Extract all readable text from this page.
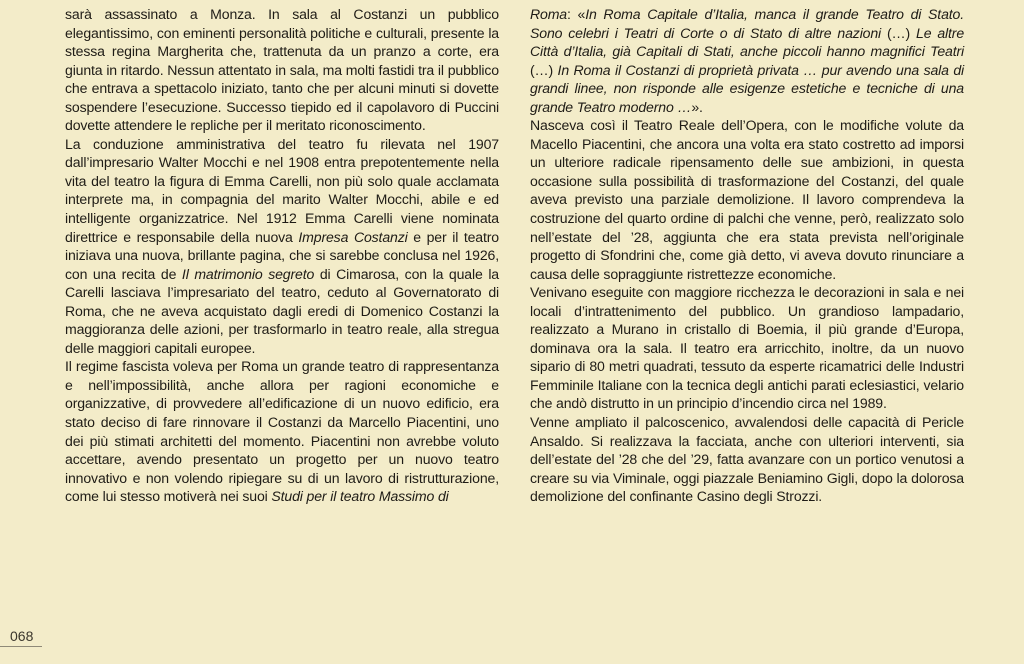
sarà assassinato a Monza. In sala al Costanzi un pubblico elegantissimo, con eminenti personalità politiche e culturali, presente la stessa regina Margherita che, trattenuta da un pranzo a corte, era giunta in ritardo. Nessun attentato in sala, ma molti fastidi tra il pubblico che entrava a spettacolo iniziato, tanto che per alcuni minuti si dovette sospendere l’esecuzione. Successo tiepido ed il capolavoro di Puccini dovette attendere le repliche per il meritato riconoscimento.

La conduzione amministrativa del teatro fu rilevata nel 1907 dall’impresario Walter Mocchi e nel 1908 entra prepotentemente nella vita del teatro la figura di Emma Carelli, non più solo quale acclamata interprete ma, in compagnia del marito Walter Mocchi, abile e ed intelligente organizzatrice. Nel 1912 Emma Carelli viene nominata direttrice e responsabile della nuova Impresa Costanzi e per il teatro iniziava una nuova, brillante pagina, che si sarebbe conclusa nel 1926, con una recita de Il matrimonio segreto di Cimarosa, con la quale la Carelli lasciava l’impresariato del teatro, ceduto al Governatorato di Roma, che ne aveva acquistato dagli eredi di Domenico Costanzi la maggioranza delle azioni, per trasformarlo in teatro reale, alla stregua delle maggiori capitali europee.

Il regime fascista voleva per Roma un grande teatro di rappresentanza e nell’impossibilità, anche allora per ragioni economiche e organizzative, di provvedere all’edificazione di un nuovo edificio, era stato deciso di fare rinnovare il Costanzi da Marcello Piacentini, uno dei più stimati architetti del momento. Piacentini non avrebbe voluto accettare, avendo presentato un progetto per un nuovo teatro innovativo e non volendo ripiegare su di un lavoro di ristrutturazione, come lui stesso motiverà nei suoi Studi per il teatro Massimo di

Roma: «In Roma Capitale d’Italia, manca il grande Teatro di Stato. Sono celebri i Teatri di Corte o di Stato di altre nazioni (…) Le altre Città d’Italia, già Capitali di Stati, anche piccoli hanno magnifici Teatri (…) In Roma il Costanzi di proprietà privata … pur avendo una sala di grandi linee, non risponde alle esigenze estetiche e tecniche di una grande Teatro moderno …».

Nasceva così il Teatro Reale dell’Opera, con le modifiche volute da Macello Piacentini, che ancora una volta era stato costretto ad imporsi un ulteriore radicale ripensamento delle sue ambizioni, in questa occasione sulla possibilità di trasformazione del Costanzi, del quale aveva previsto una parziale demolizione. Il lavoro comprendeva la costruzione del quarto ordine di palchi che venne, però, realizzato solo nell’estate del ’28, aggiunta che era stata prevista nell’originale progetto di Sfondrini che, come già detto, vi aveva dovuto rinunciare a causa delle sopraggiunte ristrettezze economiche.

Venivano eseguite con maggiore ricchezza le decorazioni in sala e nei locali d’intrattenimento del pubblico. Un grandioso lampadario, realizzato a Murano in cristallo di Boemia, il più grande d’Europa, dominava ora la sala. Il teatro era arricchito, inoltre, da un nuovo sipario di 80 metri quadrati, tessuto da esperte ricamatrici delle Industri Femminile Italiane con la tecnica degli antichi parati eclesiastici, velario che andò distrutto in un principio d’incendio circa nel 1989.

Venne ampliato il palcoscenico, avvalendosi delle capacità di Pericle Ansaldo. Si realizzava la facciata, anche con ulteriori interventi, sia dell’estate del ’28 che del ’29, fatta avanzare con un portico venutosi a creare su via Viminale, oggi piazzale Beniamino Gigli, dopo la dolorosa demolizione del confinante Casino degli Strozzi.

068
